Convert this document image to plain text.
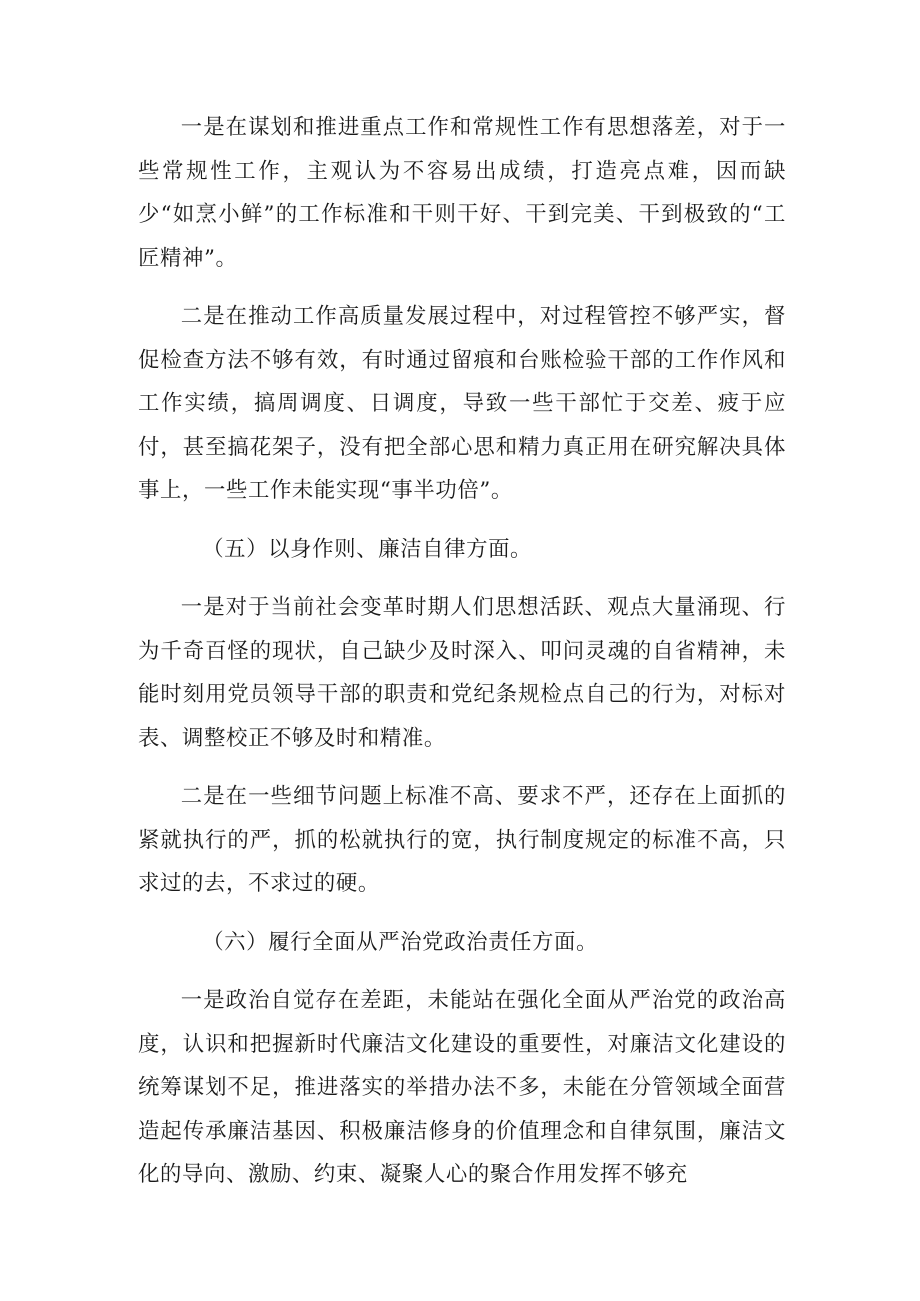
一是在谋划和推进重点工作和常规性工作有思想落差，对于一些常规性工作，主观认为不容易出成绩，打造亮点难，因而缺少“如烹小鲜”的工作标准和干则干好、干到完美、干到极致的“工匠精神”。

二是在推动工作高质量发展过程中，对过程管控不够严实，督促检查方法不够有效，有时通过留痕和台账检验干部的工作作风和工作实绩，搞周调度、日调度，导致一些干部忙于交差、疲于应付，甚至搞花架子，没有把全部心思和精力真正用在研究解决具体事上，一些工作未能实现“事半功倍”。

（五）以身作则、廉洁自律方面。

一是对于当前社会变革时期人们思想活跃、观点大量涌现、行为千奇百怪的现状，自己缺少及时深入、叩问灵魂的自省精神，未能时刻用党员领导干部的职责和党纪条规检点自己的行为，对标对表、调整校正不够及时和精准。

二是在一些细节问题上标准不高、要求不严，还存在上面抓的紧就执行的严，抓的松就执行的宽，执行制度规定的标准不高，只求过的去，不求过的硬。

（六）履行全面从严治党政治责任方面。

一是政治自觉存在差距，未能站在强化全面从严治党的政治高度，认识和把握新时代廉洁文化建设的重要性，对廉洁文化建设的统筹谋划不足，推进落实的举措办法不多，未能在分管领域全面营造起传承廉洁基因、积极廉洁修身的价值理念和自律氛围，廉洁文化的导向、激励、约束、凝聚人心的聚合作用发挥不够充
